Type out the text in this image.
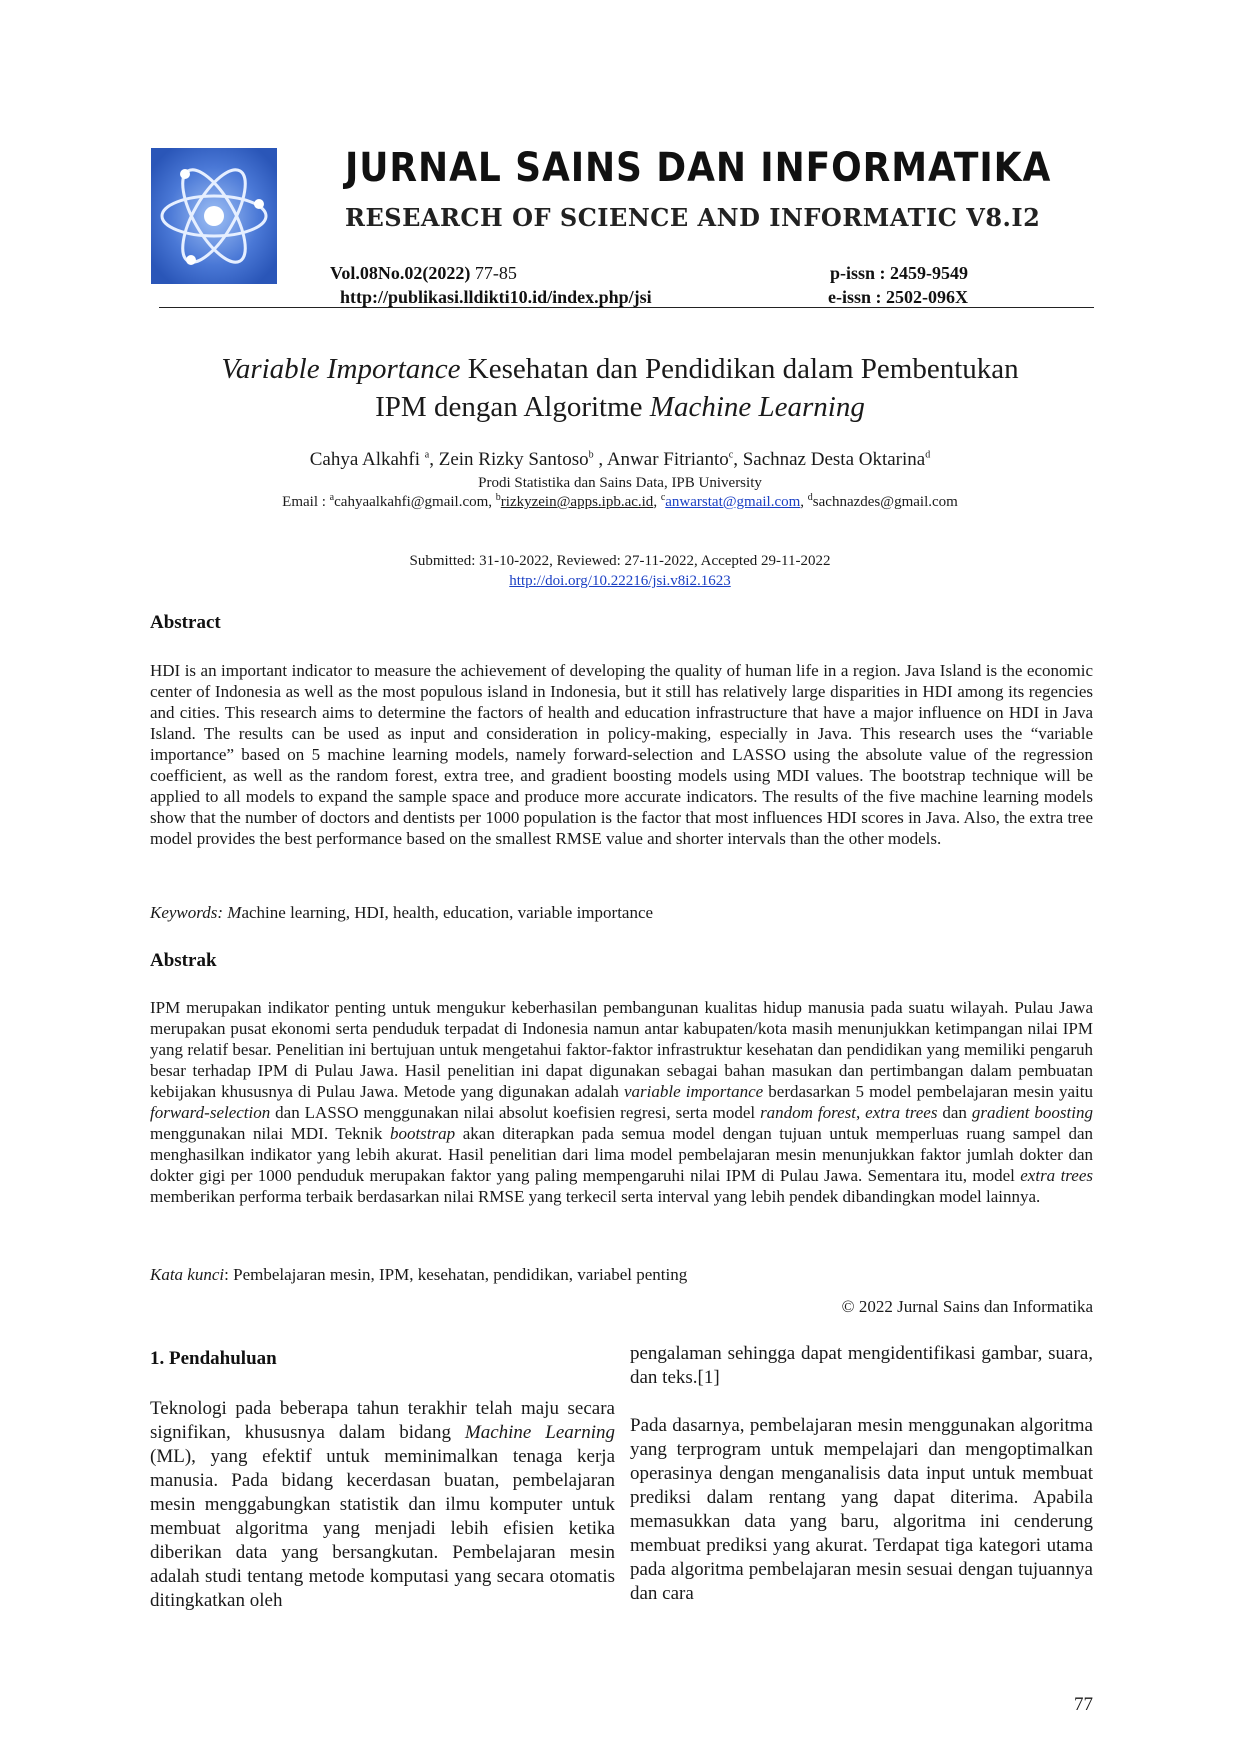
JURNAL SAINS DAN INFORMATIKA
RESEARCH OF SCIENCE AND INFORMATIC V8.I2
Vol.08No.02(2022) 77-85
http://publikasi.lldikti10.id/index.php/jsi
p-issn : 2459-9549
e-issn : 2502-096X
Variable Importance Kesehatan dan Pendidikan dalam Pembentukan
IPM dengan Algoritme Machine Learning
Cahya Alkahfi $^a$, Zein Rizky Santoso$^b$ , Anwar Fitrianto$^c$, Sachnaz Desta Oktarina$^d$
Prodi Statistika dan Sains Data, IPB University
Email : $^a$cahyaalkahfi@gmail.com, $^b$rizkyzein@apps.ipb.ac.id, $^c$anwarstat@gmail.com, $^d$sachnazdes@gmail.com
Submitted: 31-10-2022, Reviewed: 27-11-2022, Accepted 29-11-2022
http://doi.org/10.22216/jsi.v8i2.1623
Abstract
HDI is an important indicator to measure the achievement of developing the quality of human life in a region. Java Island is the economic center of Indonesia as well as the most populous island in Indonesia, but it still has relatively large disparities in HDI among its regencies and cities. This research aims to determine the factors of health and education infrastructure that have a major influence on HDI in Java Island. The results can be used as input and consideration in policy-making, especially in Java. This research uses the “variable importance” based on 5 machine learning models, namely forward-selection and LASSO using the absolute value of the regression coefficient, as well as the random forest, extra tree, and gradient boosting models using MDI values. The bootstrap technique will be applied to all models to expand the sample space and produce more accurate indicators. The results of the five machine learning models show that the number of doctors and dentists per 1000 population is the factor that most influences HDI scores in Java. Also, the extra tree model provides the best performance based on the smallest RMSE value and shorter intervals than the other models.
Keywords: Machine learning, HDI, health, education, variable importance
Abstrak
IPM merupakan indikator penting untuk mengukur keberhasilan pembangunan kualitas hidup manusia pada suatu wilayah. Pulau Jawa merupakan pusat ekonomi serta penduduk terpadat di Indonesia namun antar kabupaten/kota masih menunjukkan ketimpangan nilai IPM yang relatif besar. Penelitian ini bertujuan untuk mengetahui faktor-faktor infrastruktur kesehatan dan pendidikan yang memiliki pengaruh besar terhadap IPM di Pulau Jawa. Hasil penelitian ini dapat digunakan sebagai bahan masukan dan pertimbangan dalam pembuatan kebijakan khususnya di Pulau Jawa. Metode yang digunakan adalah variable importance berdasarkan 5 model pembelajaran mesin yaitu forward-selection dan LASSO menggunakan nilai absolut koefisien regresi, serta model random forest, extra trees dan gradient boosting menggunakan nilai MDI. Teknik bootstrap akan diterapkan pada semua model dengan tujuan untuk memperluas ruang sampel dan menghasilkan indikator yang lebih akurat. Hasil penelitian dari lima model pembelajaran mesin menunjukkan faktor jumlah dokter dan dokter gigi per 1000 penduduk merupakan faktor yang paling mempengaruhi nilai IPM di Pulau Jawa. Sementara itu, model extra trees memberikan performa terbaik berdasarkan nilai RMSE yang terkecil serta interval yang lebih pendek dibandingkan model lainnya.
Kata kunci: Pembelajaran mesin, IPM, kesehatan, pendidikan, variabel penting
© 2022 Jurnal Sains dan Informatika
1. Pendahuluan
Teknologi pada beberapa tahun terakhir telah maju secara signifikan, khususnya dalam bidang Machine Learning (ML), yang efektif untuk meminimalkan tenaga kerja manusia. Pada bidang kecerdasan buatan, pembelajaran mesin menggabungkan statistik dan ilmu komputer untuk membuat algoritma yang menjadi lebih efisien ketika diberikan data yang bersangkutan. Pembelajaran mesin adalah studi tentang metode komputasi yang secara otomatis ditingkatkan oleh
pengalaman sehingga dapat mengidentifikasi gambar, suara, dan teks.[1]
Pada dasarnya, pembelajaran mesin menggunakan algoritma yang terprogram untuk mempelajari dan mengoptimalkan operasinya dengan menganalisis data input untuk membuat prediksi dalam rentang yang dapat diterima. Apabila memasukkan data yang baru, algoritma ini cenderung membuat prediksi yang akurat. Terdapat tiga kategori utama pada algoritma pembelajaran mesin sesuai dengan tujuannya dan cara
77
